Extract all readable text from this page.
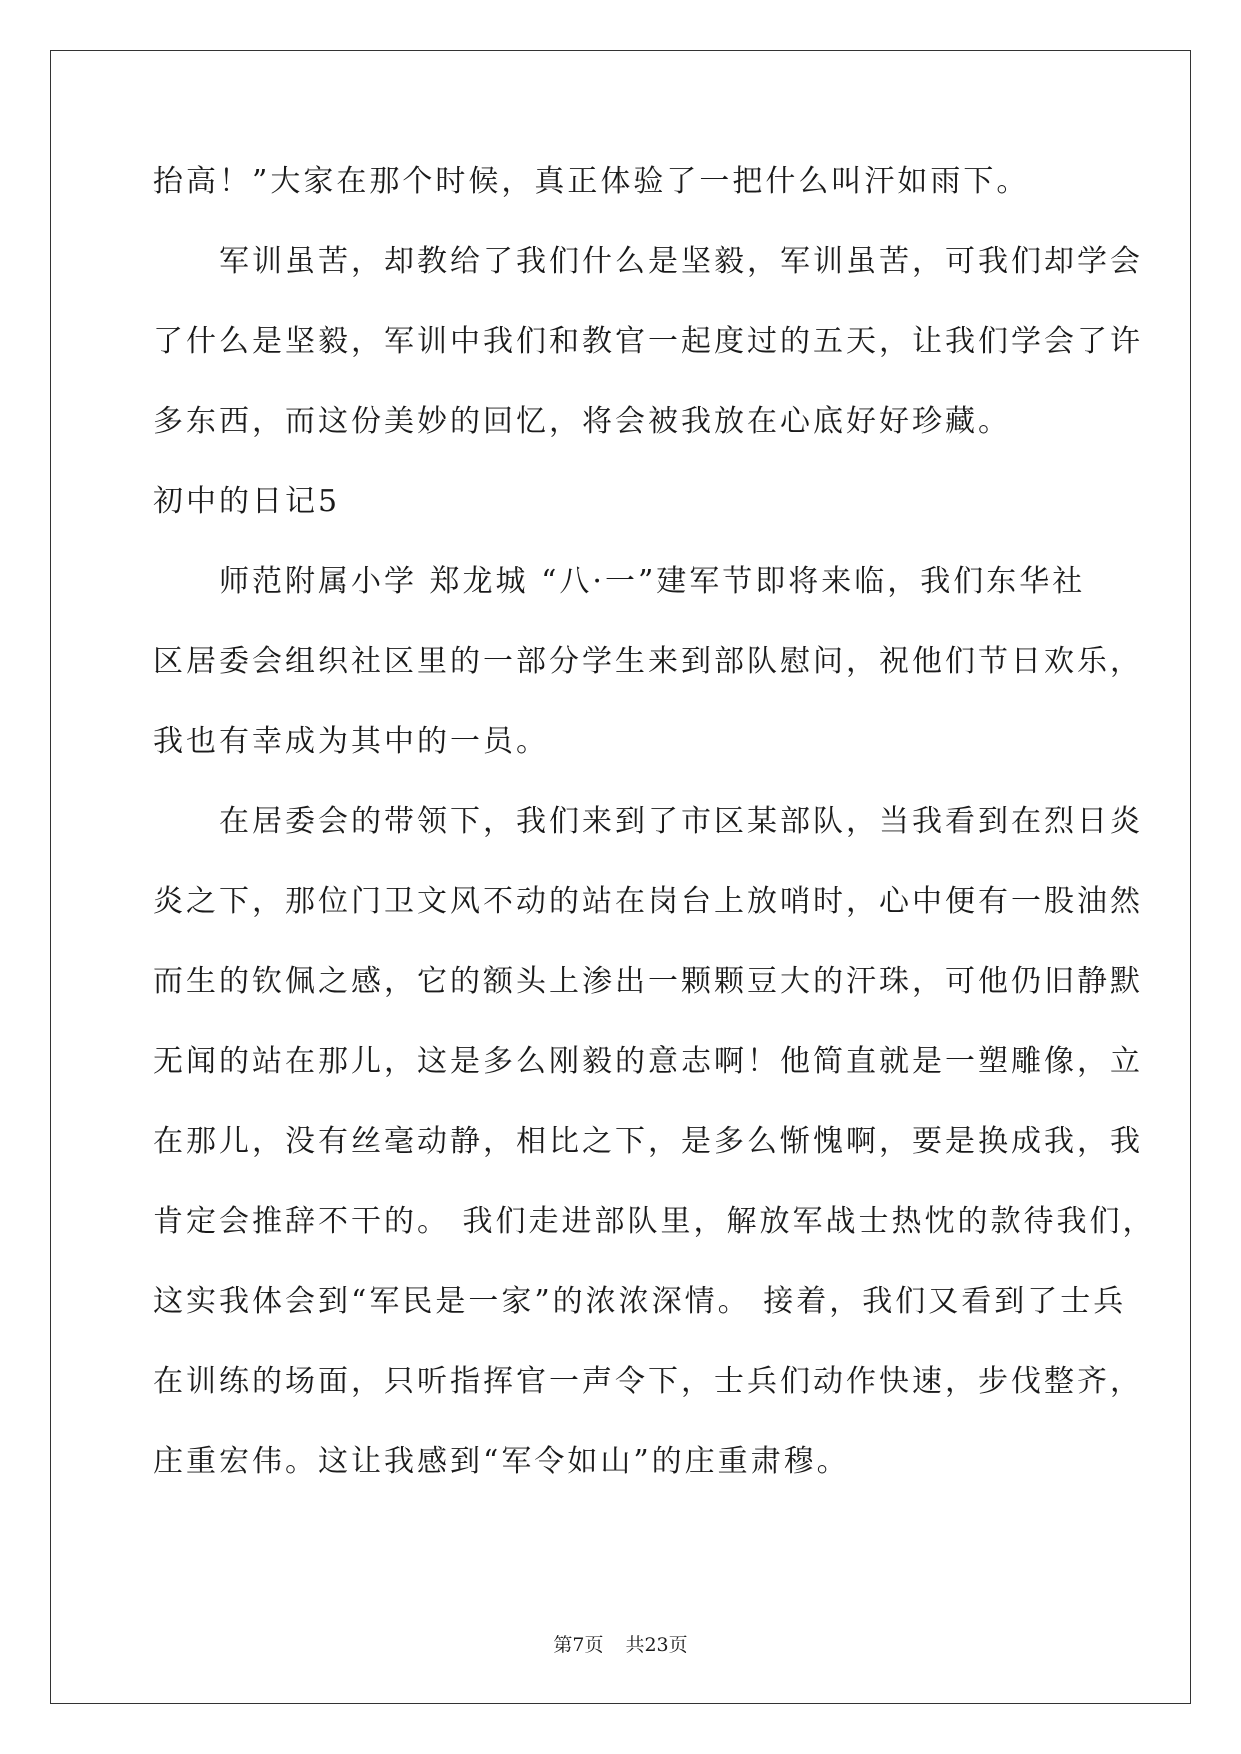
抬高！”大家在那个时候，真正体验了一把什么叫汗如雨下。
　　军训虽苦，却教给了我们什么是坚毅，军训虽苦，可我们却学会
了什么是坚毅，军训中我们和教官一起度过的五天，让我们学会了许
多东西，而这份美妙的回忆，将会被我放在心底好好珍藏。
初中的日记5
　　师范附属小学 郑龙城 “八·一”建军节即将来临，我们东华社
区居委会组织社区里的一部分学生来到部队慰问，祝他们节日欢乐，
我也有幸成为其中的一员。
　　在居委会的带领下，我们来到了市区某部队，当我看到在烈日炎
炎之下，那位门卫文风不动的站在岗台上放哨时，心中便有一股油然
而生的钦佩之感，它的额头上渗出一颗颗豆大的汗珠，可他仍旧静默
无闻的站在那儿，这是多么刚毅的意志啊！他简直就是一塑雕像，立
在那儿，没有丝毫动静，相比之下，是多么惭愧啊，要是换成我，我
肯定会推辞不干的。 我们走进部队里，解放军战士热忱的款待我们，
这实我体会到“军民是一家”的浓浓深情。 接着，我们又看到了士兵
在训练的场面，只听指挥官一声令下，士兵们动作快速，步伐整齐，
庄重宏伟。这让我感到“军令如山”的庄重肃穆。
第7页 共23页
